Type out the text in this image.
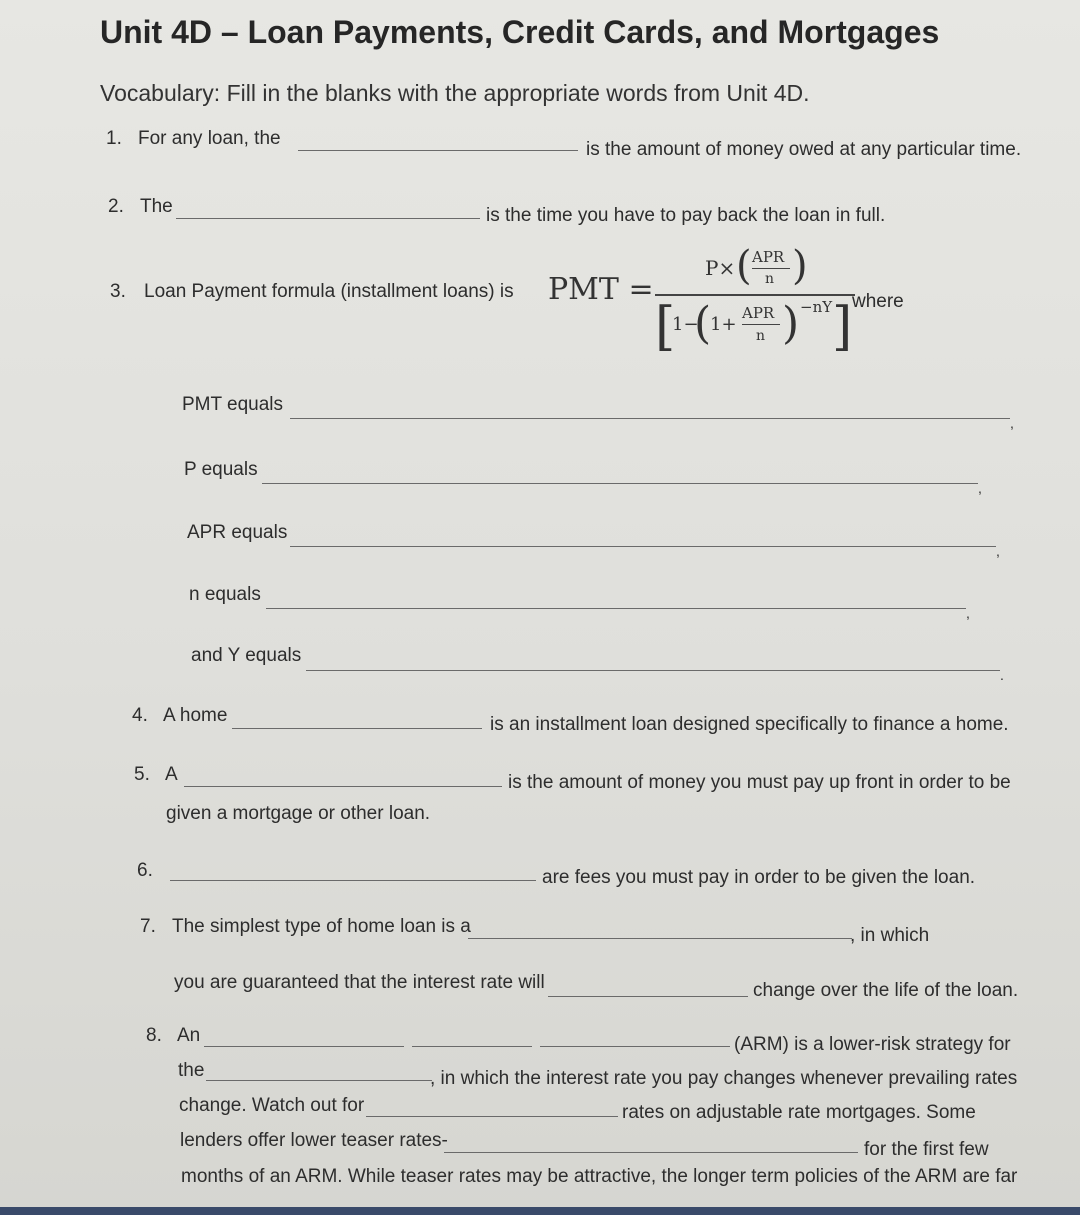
Unit 4D – Loan Payments, Credit Cards, and Mortgages
Vocabulary: Fill in the blanks with the appropriate words from Unit 4D.
1. For any loan, the
is the amount of money owed at any particular time.
2. The	is the time you have to pay back the loan in full.
3. Loan Payment formula (installment loans) is PMT =
P× ( APR
n )
[
1−
(
1+
APR
n ) −nY ] where
PMT equals
,
P equals
,
APR equals
,
n equals
,
and Y equals
.
4. A home	is an installment loan designed specifically to finance a home.
5. A	is the amount of money you must pay up front in order to be
given a mortgage or other loan.
6.	are fees you must pay in order to be given the loan.
7. The simplest type of home loan is a	, in which
you are guaranteed that the interest rate will	change over the life of the loan.
8. An	(ARM) is a lower-risk strategy for
the	, in which the interest rate you pay changes whenever prevailing rates
change. Watch out for	rates on adjustable rate mortgages. Some
lenders offer lower teaser rates-	for the first few
months of an ARM. While teaser rates may be attractive, the longer term policies of the ARM are far
